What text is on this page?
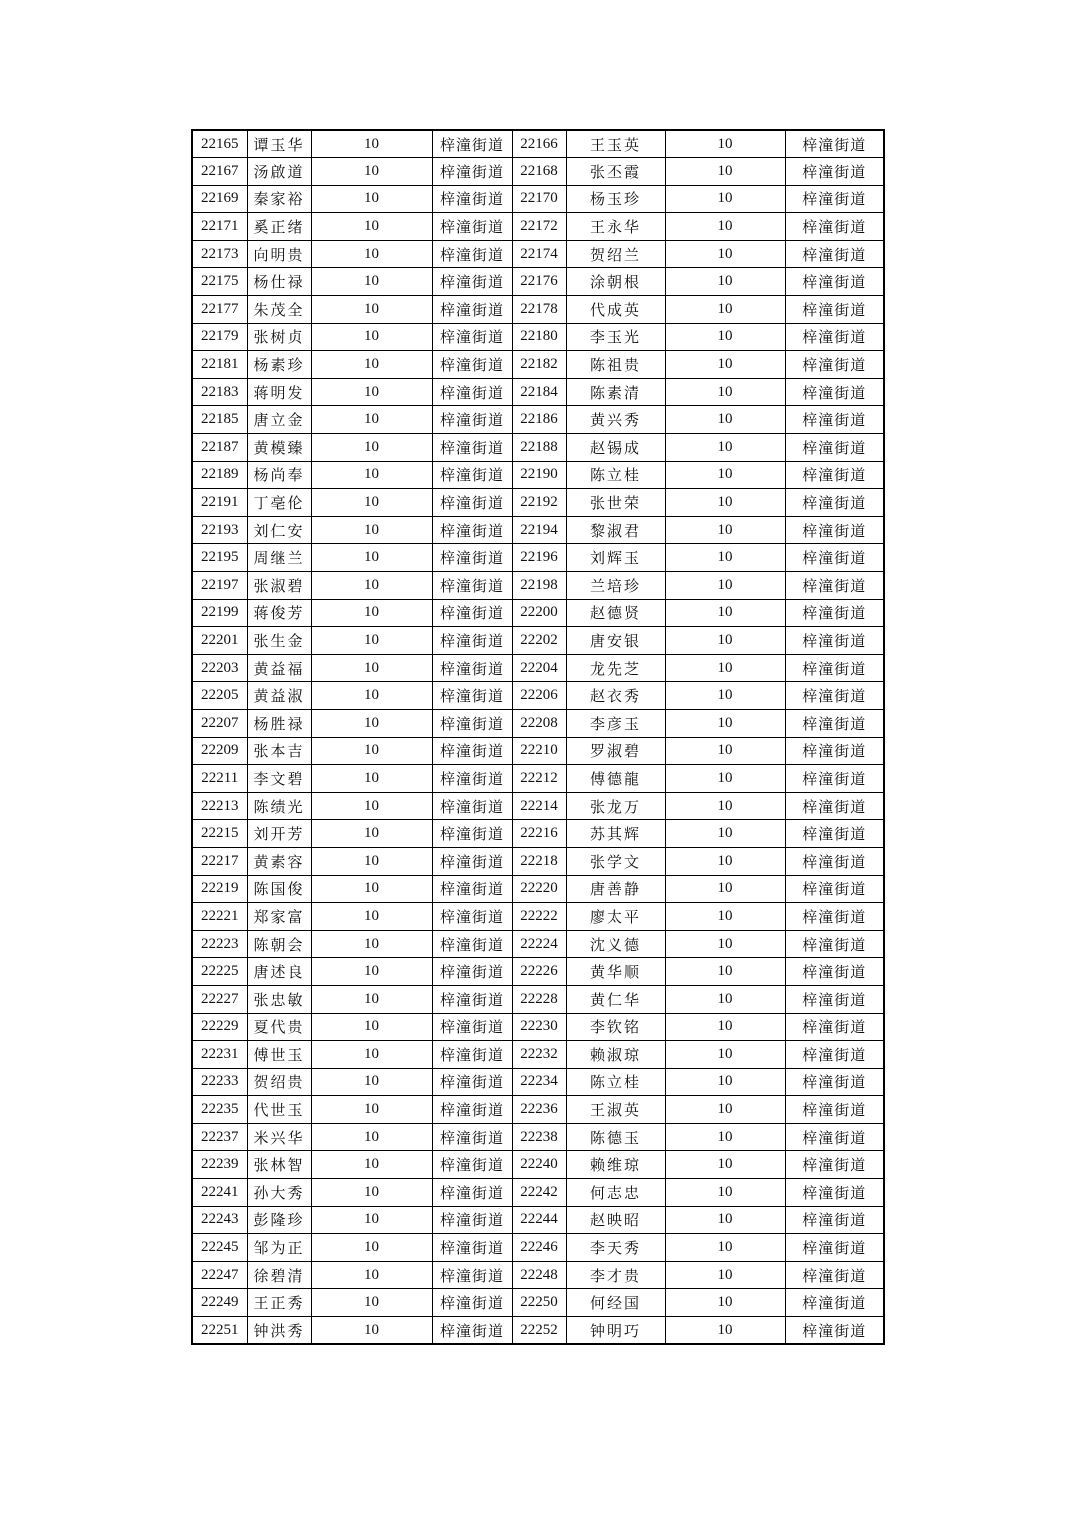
22165	谭玉华	10	梓潼街道	22166	王玉英	10	梓潼街道
22167	汤啟道	10	梓潼街道	22168	张丕霞	10	梓潼街道
22169	秦家裕	10	梓潼街道	22170	杨玉珍	10	梓潼街道
22171	奚正绪	10	梓潼街道	22172	王永华	10	梓潼街道
22173	向明贵	10	梓潼街道	22174	贺绍兰	10	梓潼街道
22175	杨仕禄	10	梓潼街道	22176	涂朝根	10	梓潼街道
22177	朱茂全	10	梓潼街道	22178	代成英	10	梓潼街道
22179	张树贞	10	梓潼街道	22180	李玉光	10	梓潼街道
22181	杨素珍	10	梓潼街道	22182	陈祖贵	10	梓潼街道
22183	蒋明发	10	梓潼街道	22184	陈素清	10	梓潼街道
22185	唐立金	10	梓潼街道	22186	黄兴秀	10	梓潼街道
22187	黄模臻	10	梓潼街道	22188	赵锡成	10	梓潼街道
22189	杨尚奉	10	梓潼街道	22190	陈立桂	10	梓潼街道
22191	丁亳伦	10	梓潼街道	22192	张世荣	10	梓潼街道
22193	刘仁安	10	梓潼街道	22194	黎淑君	10	梓潼街道
22195	周继兰	10	梓潼街道	22196	刘辉玉	10	梓潼街道
22197	张淑碧	10	梓潼街道	22198	兰培珍	10	梓潼街道
22199	蒋俊芳	10	梓潼街道	22200	赵德贤	10	梓潼街道
22201	张生金	10	梓潼街道	22202	唐安银	10	梓潼街道
22203	黄益福	10	梓潼街道	22204	龙先芝	10	梓潼街道
22205	黄益淑	10	梓潼街道	22206	赵衣秀	10	梓潼街道
22207	杨胜禄	10	梓潼街道	22208	李彦玉	10	梓潼街道
22209	张本吉	10	梓潼街道	22210	罗淑碧	10	梓潼街道
22211	李文碧	10	梓潼街道	22212	傅德龍	10	梓潼街道
22213	陈绩光	10	梓潼街道	22214	张龙万	10	梓潼街道
22215	刘开芳	10	梓潼街道	22216	苏其辉	10	梓潼街道
22217	黄素容	10	梓潼街道	22218	张学文	10	梓潼街道
22219	陈国俊	10	梓潼街道	22220	唐善静	10	梓潼街道
22221	郑家富	10	梓潼街道	22222	廖太平	10	梓潼街道
22223	陈朝会	10	梓潼街道	22224	沈义德	10	梓潼街道
22225	唐述良	10	梓潼街道	22226	黄华顺	10	梓潼街道
22227	张忠敏	10	梓潼街道	22228	黄仁华	10	梓潼街道
22229	夏代贵	10	梓潼街道	22230	李钦铭	10	梓潼街道
22231	傅世玉	10	梓潼街道	22232	赖淑琼	10	梓潼街道
22233	贺绍贵	10	梓潼街道	22234	陈立桂	10	梓潼街道
22235	代世玉	10	梓潼街道	22236	王淑英	10	梓潼街道
22237	米兴华	10	梓潼街道	22238	陈德玉	10	梓潼街道
22239	张林智	10	梓潼街道	22240	赖维琼	10	梓潼街道
22241	孙大秀	10	梓潼街道	22242	何志忠	10	梓潼街道
22243	彭隆珍	10	梓潼街道	22244	赵映昭	10	梓潼街道
22245	邹为正	10	梓潼街道	22246	李天秀	10	梓潼街道
22247	徐碧清	10	梓潼街道	22248	李才贵	10	梓潼街道
22249	王正秀	10	梓潼街道	22250	何经国	10	梓潼街道
22251	钟洪秀	10	梓潼街道	22252	钟明巧	10	梓潼街道
